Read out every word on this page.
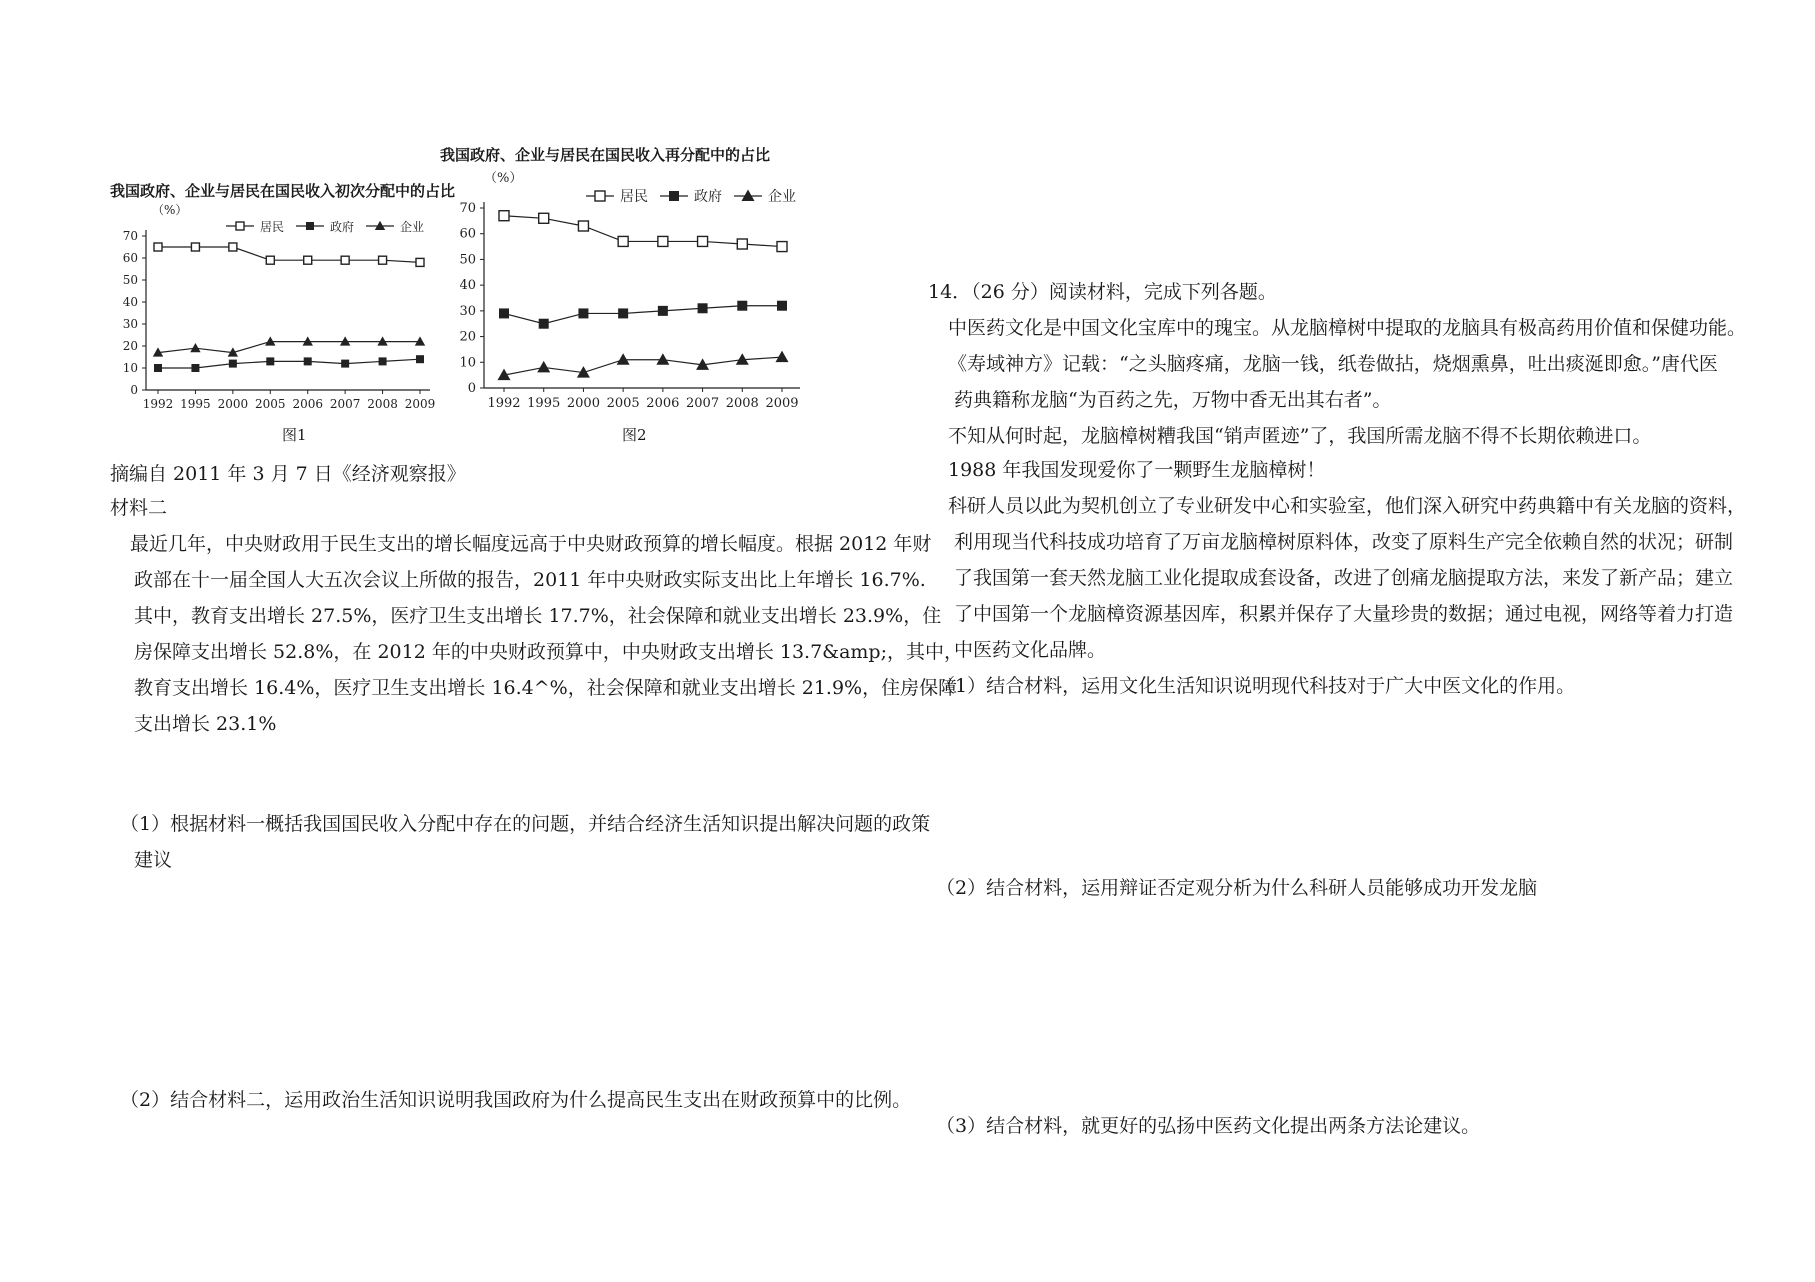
我国政府、企业与居民在国民收入初次分配中的占比
0
10
20
30
40
50
60
70
1992 1995 2000 2005 2006 2007 2008 2009
（%）
居民	政府	企业
图1
我国政府、企业与居民在国民收入再分配中的占比
0
10
20
30
40
50
60
70
1992 1995 2000 2005 2006 2007 2008 2009
（%）
居民	政府	企业
图2
摘编自 2011 年 3 月 7 日《经济观察报》
材料二
最近几年，中央财政用于民生支出的增长幅度远高于中央财政预算的增长幅度。根据 2012 年财
政部在十一届全国人大五次会议上所做的报告，2011 年中央财政实际支出比上年增长 16.7%.
其中，教育支出增长 27.5%，医疗卫生支出增长 17.7%，社会保障和就业支出增长 23.9%，住
房保障支出增长 52.8%，在 2012 年的中央财政预算中，中央财政支出增长 13.7&amp;，其中，
教育支出增长 16.4%，医疗卫生支出增长 16.4^%，社会保障和就业支出增长 21.9%，住房保障
支出增长 23.1%
（1）根据材料一概括我国国民收入分配中存在的问题，并结合经济生活知识提出解决问题的政策
建议
（2）结合材料二，运用政治生活知识说明我国政府为什么提高民生支出在财政预算中的比例。
14．（26 分）阅读材料，完成下列各题。
中医药文化是中国文化宝库中的瑰宝。从龙脑樟树中提取的龙脑具有极高药用价值和保健功能。
《寿域神方》记载：“之头脑疼痛，龙脑一钱，纸卷做拈，烧烟熏鼻，吐出痰涎即愈。”唐代医
药典籍称龙脑“为百药之先，万物中香无出其右者”。
不知从何时起，龙脑樟树糟我国“销声匿迹”了，我国所需龙脑不得不长期依赖进口。
1988 年我国发现爱你了一颗野生龙脑樟树！
科研人员以此为契机创立了专业研发中心和实验室，他们深入研究中药典籍中有关龙脑的资料，
利用现当代科技成功培育了万亩龙脑樟树原料体，改变了原料生产完全依赖自然的状况；研制
了我国第一套天然龙脑工业化提取成套设备，改进了创痛龙脑提取方法，来发了新产品；建立
了中国第一个龙脑樟资源基因库，积累并保存了大量珍贵的数据；通过电视，网络等着力打造
中医药文化品牌。
（1）结合材料，运用文化生活知识说明现代科技对于广大中医文化的作用。
（2）结合材料，运用辩证否定观分析为什么科研人员能够成功开发龙脑
（3）结合材料，就更好的弘扬中医药文化提出两条方法论建议。
